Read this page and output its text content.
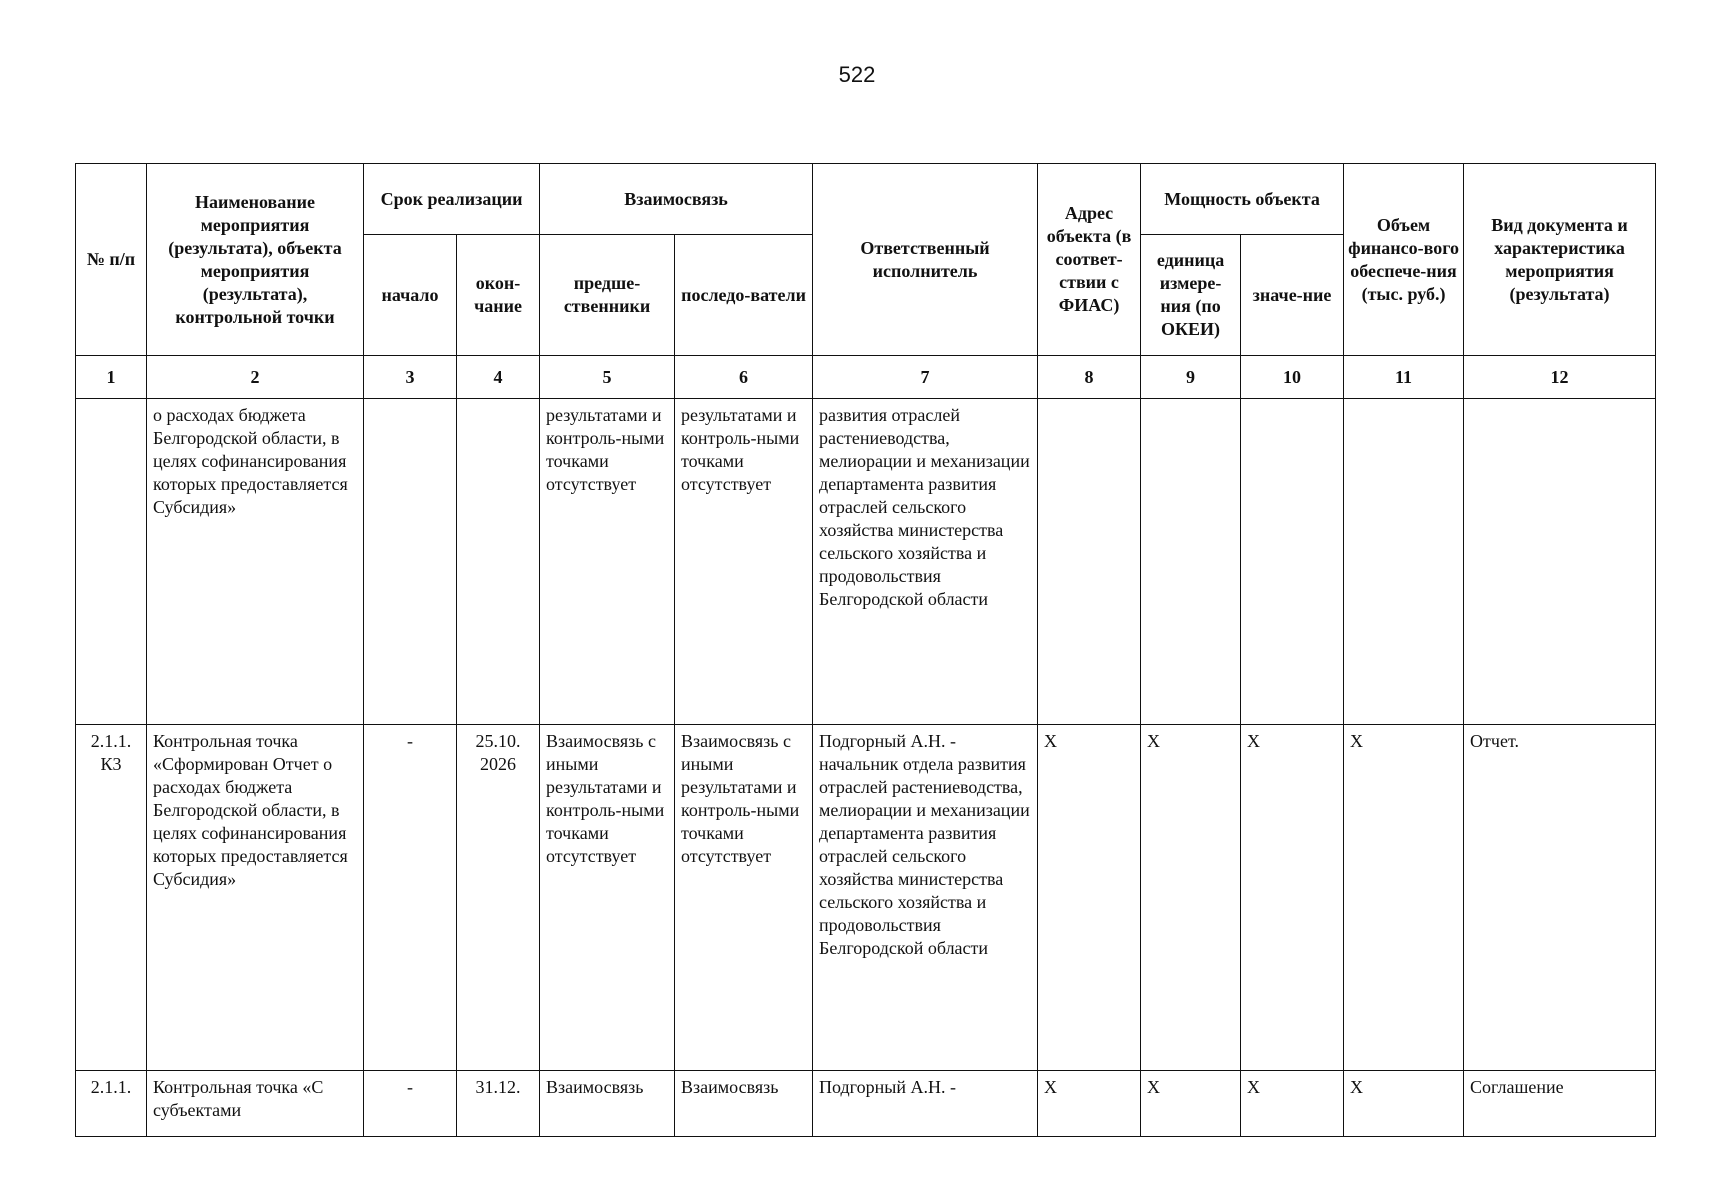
522
№ п/п	Наименование мероприятия (результата), объекта мероприятия (результата), контрольной точки	Срок реализации		Взаимосвязь		Ответственный исполнитель	Адрес объекта (в соответ-ствии с ФИАС)	Мощность объекта		Объем финансо-вого обеспече-ния (тыс. руб.)	Вид документа и характеристика мероприятия (результата)
		начало	окон-чание	предше-ственники	последо-ватели			единица измере-ния (по ОКЕИ)	значе-ние		
1	2	3	4	5	6	7	8	9	10	11	12
	о расходах бюджета Белгородской области, в целях софинансирования которых предоставляется Субсидия»			результатами и контроль-ными точками отсутствует	результатами и контроль-ными точками отсутствует	развития отраслей растениеводства, мелиорации и механизации департамента развития отраслей сельского хозяйства министерства сельского хозяйства и продовольствия Белгородской области					
2.1.1. К3	Контрольная точка «Сформирован Отчет о расходах бюджета Белгородской области, в целях софинансирования которых предоставляется Субсидия»	-	25.10. 2026	Взаимосвязь с иными результатами и контроль-ными точками отсутствует	Взаимосвязь с иными результатами и контроль-ными точками отсутствует	Подгорный А.Н. - начальник отдела развития отраслей растениеводства, мелиорации и механизации департамента развития отраслей сельского хозяйства министерства сельского хозяйства и продовольствия Белгородской области	X	X	X	X	Отчет.
2.1.1.	Контрольная точка «С субъектами	-	31.12.	Взаимосвязь	Взаимосвязь	Подгорный А.Н. -	X	X	X	X	Соглашение
